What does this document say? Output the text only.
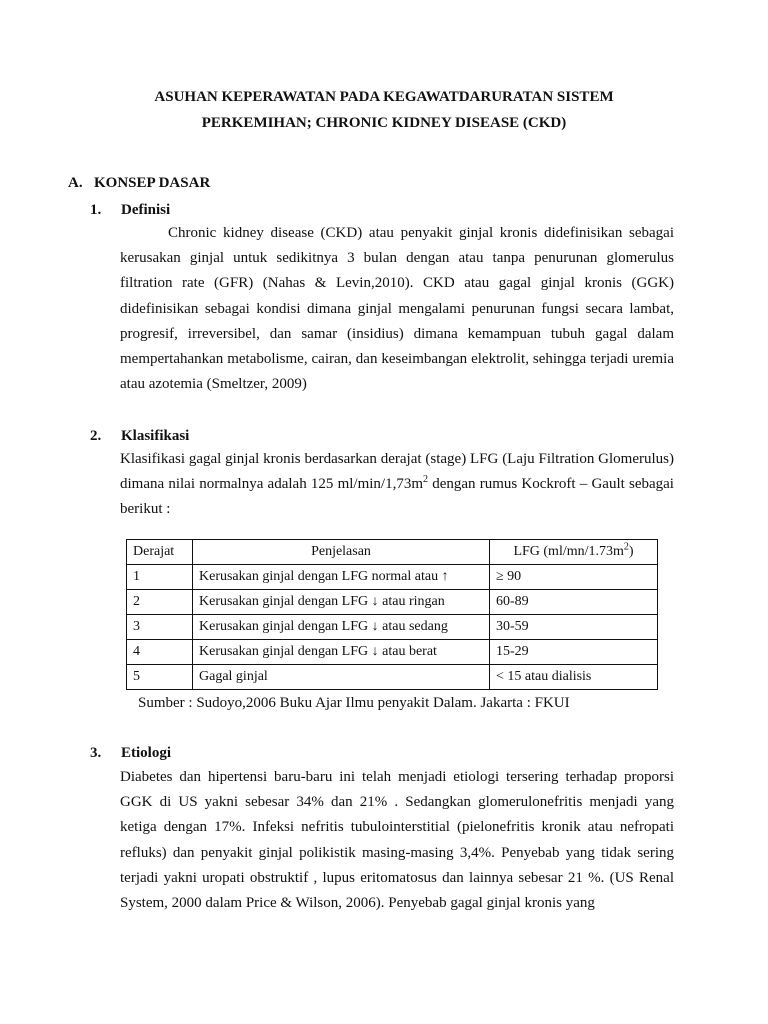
ASUHAN KEPERAWATAN PADA KEGAWATDARURATAN SISTEM
PERKEMIHAN; CHRONIC KIDNEY DISEASE (CKD)
A. KONSEP DASAR
1. Definisi

Chronic kidney disease (CKD) atau penyakit ginjal kronis didefinisikan sebagai kerusakan ginjal untuk sedikitnya 3 bulan dengan atau tanpa penurunan glomerulus filtration rate (GFR) (Nahas & Levin,2010). CKD atau gagal ginjal kronis (GGK) didefinisikan sebagai kondisi dimana ginjal mengalami penurunan fungsi secara lambat, progresif, irreversibel, dan samar (insidius) dimana kemampuan tubuh gagal dalam mempertahankan metabolisme, cairan, dan keseimbangan elektrolit, sehingga terjadi uremia atau azotemia (Smeltzer, 2009)

2. Klasifikasi

Klasifikasi gagal ginjal kronis berdasarkan derajat (stage) LFG (Laju Filtration Glomerulus) dimana nilai normalnya adalah 125 $ml/\min/1,73m^2$ dengan rumus Kockroft – Gault sebagai berikut :

Derajat	Penjelasan	LFG $(ml/mn/1.73m^2)$
1	Kerusakan ginjal dengan LFG normal atau ↑	≥ 90
2	Kerusakan ginjal dengan LFG ↓ atau ringan	60-89
3	Kerusakan ginjal dengan LFG ↓ atau sedang	30-59
4	Kerusakan ginjal dengan LFG ↓ atau berat	15-29
5	Gagal ginjal	< 15 atau dialisis
Sumber : Sudoyo,2006 Buku Ajar Ilmu penyakit Dalam. Jakarta : FKUI
3. Etiologi

Diabetes dan hipertensi baru-baru ini telah menjadi etiologi tersering terhadap proporsi GGK di US yakni sebesar 34% dan 21% . Sedangkan glomerulonefritis menjadi yang ketiga dengan 17%. Infeksi nefritis tubulointerstitial (pielonefritis kronik atau nefropati refluks) dan penyakit ginjal polikistik masing-masing 3,4%. Penyebab yang tidak sering terjadi yakni uropati obstruktif , lupus eritomatosus dan lainnya sebesar 21 %. (US Renal System, 2000 dalam Price & Wilson, 2006). Penyebab gagal ginjal kronis yang
